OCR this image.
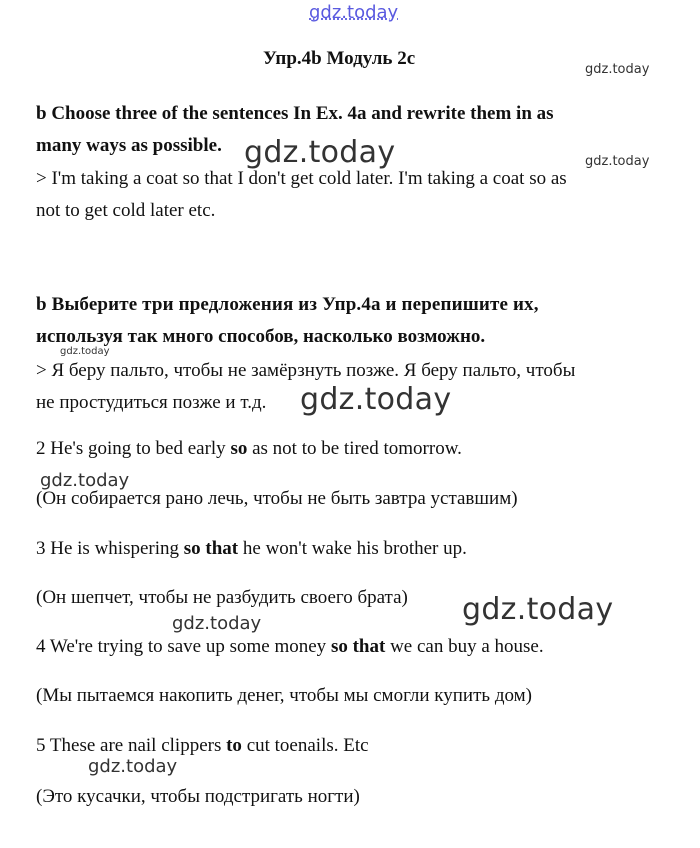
gdz.today
gdz.today
gdz.today	gdz.today
gdz.today
gdz.today
gdz.today
gdz.today
gdz.today
gdz.today
Упр.4b Модуль 2c
b Choose three of the sentences In Ex. 4a and rewrite them in as
many ways as possible.
> I'm taking a coat so that I don't get cold later. I'm taking a coat so as
not to get cold later etc.
b Выберите три предложения из Упр.4a и перепишите их,
используя так много способов, насколько возможно.
> Я беру пальто, чтобы не замёрзнуть позже. Я беру пальто, чтобы
не простудиться позже и т.д.
2 He's going to bed early so as not to be tired tomorrow.
(Он собирается рано лечь, чтобы не быть завтра уставшим)
3 He is whispering so that he won't wake his brother up.
(Он шепчет, чтобы не разбудить своего брата)
4 We're trying to save up some money so that we can buy a house.
(Мы пытаемся накопить денег, чтобы мы смогли купить дом)
5 These are nail clippers to cut toenails. Etc
(Это кусачки, чтобы подстригать ногти)
